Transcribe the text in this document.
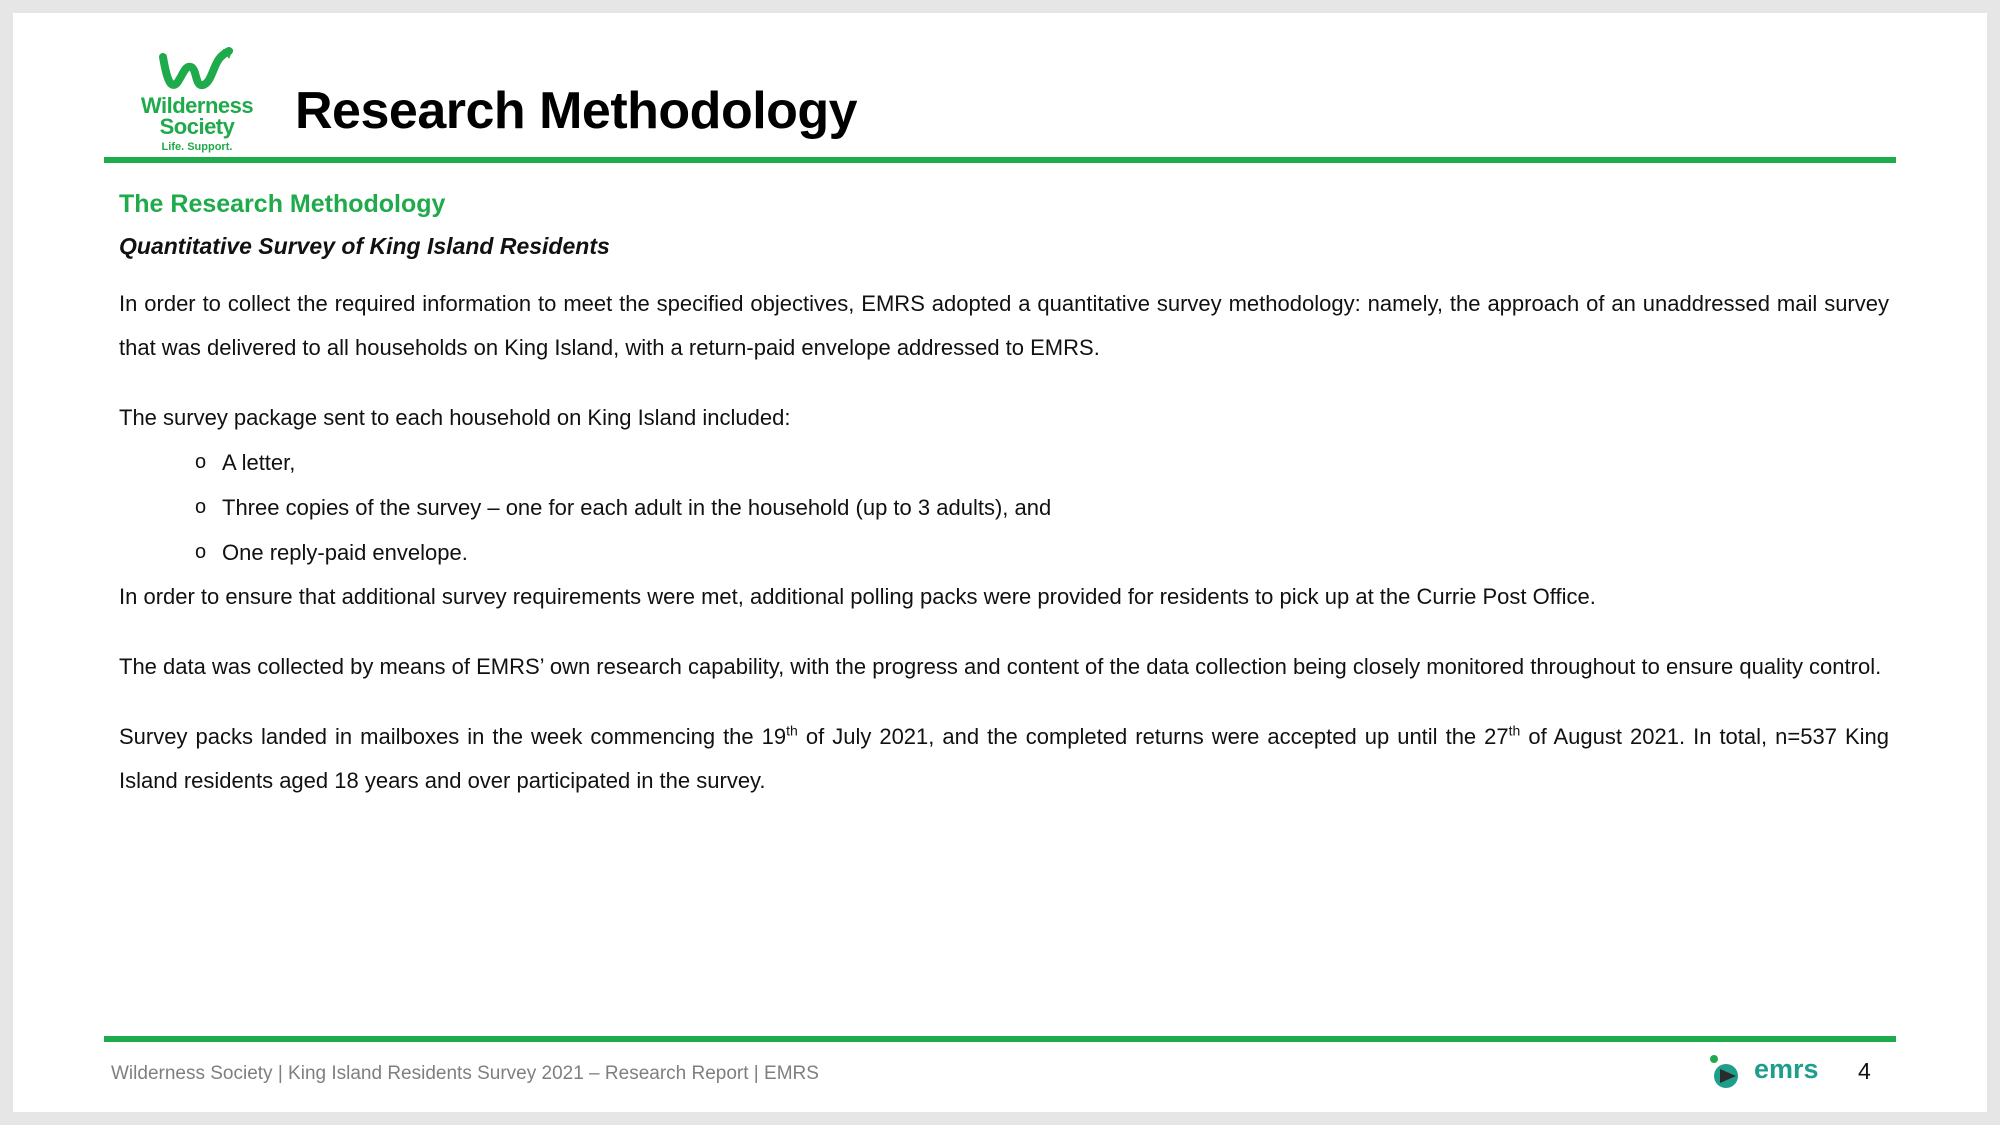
Wilderness
Society
Life. Support.
Research Methodology
The Research Methodology

Quantitative Survey of King Island Residents

In order to collect the required information to meet the specified objectives, EMRS adopted a quantitative survey methodology: namely, the approach of an unaddressed mail survey that was delivered to all households on King Island, with a return-paid envelope addressed to EMRS.

The survey package sent to each household on King Island included:

o A letter,
o Three copies of the survey – one for each adult in the household (up to 3 adults), and
o One reply-paid envelope.

In order to ensure that additional survey requirements were met, additional polling packs were provided for residents to pick up at the Currie Post Office.

The data was collected by means of EMRS’ own research capability, with the progress and content of the data collection being closely monitored throughout to ensure quality control.

Survey packs landed in mailboxes in the week commencing the 19th of July 2021, and the completed returns were accepted up until the 27th of August 2021. In total, n=537 King Island residents aged 18 years and over participated in the survey.

Wilderness Society | King Island Residents Survey 2021 – Research Report | EMRS	emrs 4
